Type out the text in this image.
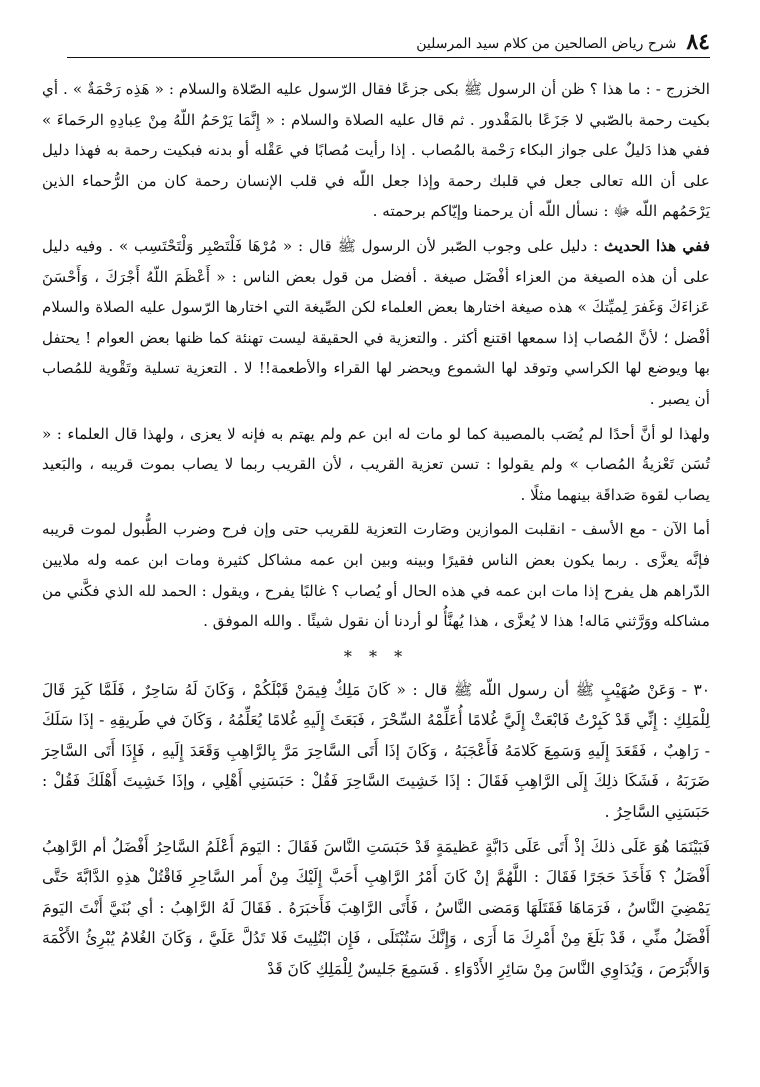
٨٤
شرح رياض الصالحين من كلام سيد المرسلين

الخزرج - : ما هذا ؟ ظن أن الرسول ﷺ بكى جزعًا فقال الرّسول عليه الصّلاة والسلام : « هَذِه رَحْمَةٌ » . أي بكيت رحمة بالصّبي لا جَزَعًا بالمَقْدور . ثم قال عليه الصلاة والسلام : « إِنَّمَا يَرْحَمُ اللّهُ مِنْ عِبادِهِ الرحَماءَ » ففي هذا دَليلٌ على جواز البكاء رَحْمة بالمُصاب . إذا رأيت مُصابًا في عَقْله أو بدنه فبكيت رحمة به فهذا دليل على أن الله تعالى جعل في قلبك رحمة وإذا جعل اللّه في قلب الإنسان رحمة كان من الرُّحماء الذين يَرْحَمُهم اللّه ﷻ : نسأل اللّه أن يرحمنا وإيّاكم برحمته .

ففي هذا الحديث : دليل على وجوب الصّبر لأن الرسول ﷺ قال : « مُرْهَا فَلْتَصْبِر وَلْتَحْتَسِب » . وفيه دليل على أن هذه الصيغة من العزاء أفْضَل صيغة . أفضل من قول بعض الناس : « أَعْظَمَ اللّهُ أَجْرَكَ ، وَأَحْسَنَ عَزاءَكَ وَغَفرَ لِميِّتكَ » هذه صيغة اختارها بعض العلماء لكن الصِّيغة التي اختارها الرّسول عليه الصلاة والسلام أفْضل ؛ لأنَّ المُصاب إذا سمعها اقتنع أكثر . والتعزية في الحقيقة ليست تهنئة كما ظنها بعض العوام ! يحتفل بها ويوضع لها الكراسي وتوقد لها الشموع ويحضر لها القراء والأطعمة!! لا . التعزية تسلية وتَقْوية للمُصاب أن يصبر .

ولهذا لو أنَّ أحدًا لم يُصَب بالمصيبة كما لو مات له ابن عم ولم يهتم به فإنه لا يعزى ، ولهذا قال العلماء : « تُسَن تَعْزيةُ المُصاب » ولم يقولوا : تسن تعزية القريب ، لأن القريب ربما لا يصاب بموت قريبه ، والبَعيد يصاب لقوة صَداقَة بينهما مثلًا .

أما الآن - مع الأسف - انقلبت الموازين وصَارت التعزية للقريب حتى وإن فرح وضرب الطُّبول لموت قريبه فإنَّه يعزَّى . ربما يكون بعض الناس فقيرًا وبينه وبين ابن عمه مشاكل كثيرة ومات ابن عمه وله ملايين الدّراهم هل يفرح إذا مات ابن عمه في هذه الحال أو يُصاب ؟ غالبًا يفرح ، ويقول : الحمد لله الذي فكَّني من مشاكله ووَرَّثني مَاله! هذا لا يُعزَّى ، هذا يُهنَّأُ لو أردنا أن نقول شيئًا . والله الموفق .

* * *

٣٠ - وَعَنْ صُهَيْبٍ ﷺ أن رسول اللّه ﷺ قال : « كَانَ مَلِكٌ فِيمَنْ قَبْلَكُمْ ، وَكَانَ لَهُ سَاحِرٌ ، فَلَمَّا كَبِرَ قَالَ لِلْمَلِكِ : إِنِّي قَدْ كَبِرْتُ فَابْعَثْ إِلَيَّ غُلامًا أُعَلِّمْهُ السِّحْرَ ، فَبَعَثَ إِلَيهِ غُلامًا يُعَلِّمُهُ ، وَكَانَ في طَريقِهِ - إذَا سَلَكَ - رَاهِبٌ ، فَقَعَدَ إِلَيهِ وَسَمِعَ كَلامَهُ فَأَعْجَبَهُ ، وَكَانَ إذَا أَتَى السَّاحِرَ مَرَّ بِالرَّاهِبِ وَقَعَدَ إِلَيهِ ، فَإِذَا أَتَى السَّاحِرَ ضَرَبَهُ ، فَشَكَا ذلِكَ إِلَى الرَّاهِبِ فَقَالَ : إذَا خَشِيتَ السَّاحِرَ فَقُلْ : حَبَسَنِي أَهْلِي ، وإذَا خَشِيتَ أَهْلَكَ فَقُلْ : حَبَسَنِي السَّاحِرُ .

فَبَيْنَمَا هُوَ عَلَى ذلكَ إذْ أَتَى عَلَى دَابَّةٍ عَظيمَةٍ قَدْ حَبَسَتِ النَّاسَ فَقَالَ : اليَومَ أَعْلَمُ السَّاحِرُ أَفْضَلُ أم الرَّاهِبُ أَفْضَلُ ؟ فَأَخَذَ حَجَرًا فَقَالَ : اللَّهُمَّ إنْ كَانَ أَمْرُ الرَّاهِبِ أَحَبَّ إِلَيْكَ مِنْ أَمر السَّاحِرِ فَاقْتُلْ هذِهِ الدَّابَّةَ حَتَّى يَمْضِيَ النَّاسُ ، فَرَمَاهَا فَقَتَلَهَا وَمَضى النَّاسُ ، فَأَتَى الرَّاهِبَ فَأَخبَرَهُ . فَقَالَ لَهُ الرَّاهِبُ : أي بُنَيَّ أَنْتَ اليَومَ أَفْضَلُ منِّي ، قَدْ بَلَغَ مِنْ أَمْرِكَ مَا أَرَى ، وَإِنَّكَ سَتُبْتَلَى ، فَإِن ابْتُلِيتَ فَلا تَدُلَّ عَلَيَّ ، وَكَانَ الغُلامُ يُبْرِئُ الأَكْمَهَ وَالأَبْرَصَ ، وَيُدَاوِي النَّاسَ مِنْ سَائِرِ الأَدْوَاءِ . فَسَمِعَ جَليسٌ لِلْمَلِكِ كَانَ قَدْ
